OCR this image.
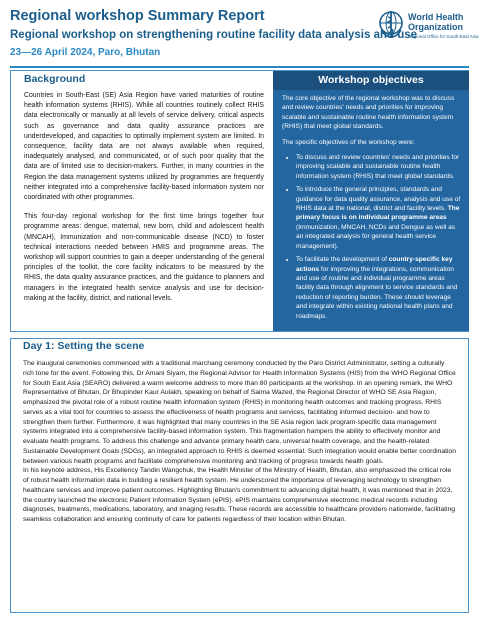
Regional workshop Summary Report
Regional workshop on strengthening routine facility data analysis and use
23—26 April 2024, Paro, Bhutan
World Health Organization
Regional Office for South-East Asia
Background

Countries in South-East (SE) Asia Region have varied maturities of routine health information systems (RHIS). While all countries routinely collect RHIS data electronically or manually at all levels of service delivery, critical aspects such as governance and data quality assurance practices are underdeveloped, and capacities to optimally implement system are limited. In consequence, facility data are not always available when required, inadequately analysed, and communicated, or of such poor quality that the data are of limited use to decision-makers. Further, in many countries in the Region the data management systems utilized by programmes are frequently neither integrated into a comprehensive facility-based information system nor coordinated with other programmes.

This four-day regional workshop for the first time brings together four programme areas: dengue, maternal, new born, child and adolescent health (MNCAH), Immunization and non-communicable disease (NCD) to foster technical interactions needed between HMIS and programme areas. The workshop will support countries to gain a deeper understanding of the general principles of the toolkit, the core facility indicators to be measured by the RHIS, the data quality assurance practices, and the guidance to planners and managers in the integrated health service analysis and use for decision-making at the facility, district, and national levels.

Workshop objectives

The core objective of the regional workshop was to discuss and review countries' needs and priorities for improving scalable and sustainable routine health information system (RHIS) that meet global standards.

The specific objectives of the workshop were:

• To discuss and review countries' needs and priorities for improving scalable and sustainable routine health information system (RHIS) that meet global standards.
• To introduce the general principles, standards and guidance for data quality assurance, analysis and use of RHIS data at the national, district and facility levels. The primary focus is on individual programme areas (Immunization, MNCAH, NCDs and Dengue as well as an integrated analysis for general health service management).
• To facilitate the development of country-specific key actions for improving the integrations, communication and use of routine and individual programme areas facility data through alignment to service standards and reduction of reporting burden. These should leverage and integrate within existing national health plans and roadmaps.
Day 1: Setting the scene

The inaugural ceremonies commenced with a traditional marchang ceremony conducted by the Paro District Administrator, setting a culturally rich tone for the event. Following this, Dr Amani Siyam, the Regional Advisor for Health Information Systems (HIS) from the WHO Regional Office for South East Asia (SEARO) delivered a warm welcome address to more than 80 participants at the workshop. In an opening remark, the WHO Representative of Bhutan, Dr Bhupinder Kaur Aulakh, speaking on behalf of Saima Wazed, the Regional Director of WHO SE Asia Region, emphasized the pivotal role of a robust routine health information system (RHIS) in monitoring health outcomes and tracking progress. RHIS serves as a vital tool for countries to assess the effectiveness of health programs and services, facilitating informed decision- and how to strengthen them further. Furthermore, it was highlighted that many countries in the SE Asia region lack program-specific data management systems integrated into a comprehensive facility-based information system. This fragmentation hampers the ability to effectively monitor and evaluate health programs. To address this challenge and advance primary health care, universal health coverage, and the health-related Sustainable Development Goals (SDGs), an integrated approach to RHIS is deemed essential. Such integration would enable better coordination between various health programs and facilitate comprehensive monitoring and tracking of progress towards health goals.

In his keynote address, His Excellency Tandin Wangchuk, the Health Minister of the Ministry of Health, Bhutan, also emphasized the critical role of robust health information data in building a resilient health system. He underscored the importance of leveraging technology to strengthen healthcare services and improve patient outcomes. Highlighting Bhutan's commitment to advancing digital health, it was mentioned that in 2023, the country launched the electronic Patient Information System (ePIS). ePIS maintains comprehensive electronic medical records including diagnoses, treatments, medications, laboratory, and imaging results. These records are accessible to healthcare providers nationwide, facilitating seamless collaboration and ensuring continuity of care for patients regardless of their location within Bhutan.
